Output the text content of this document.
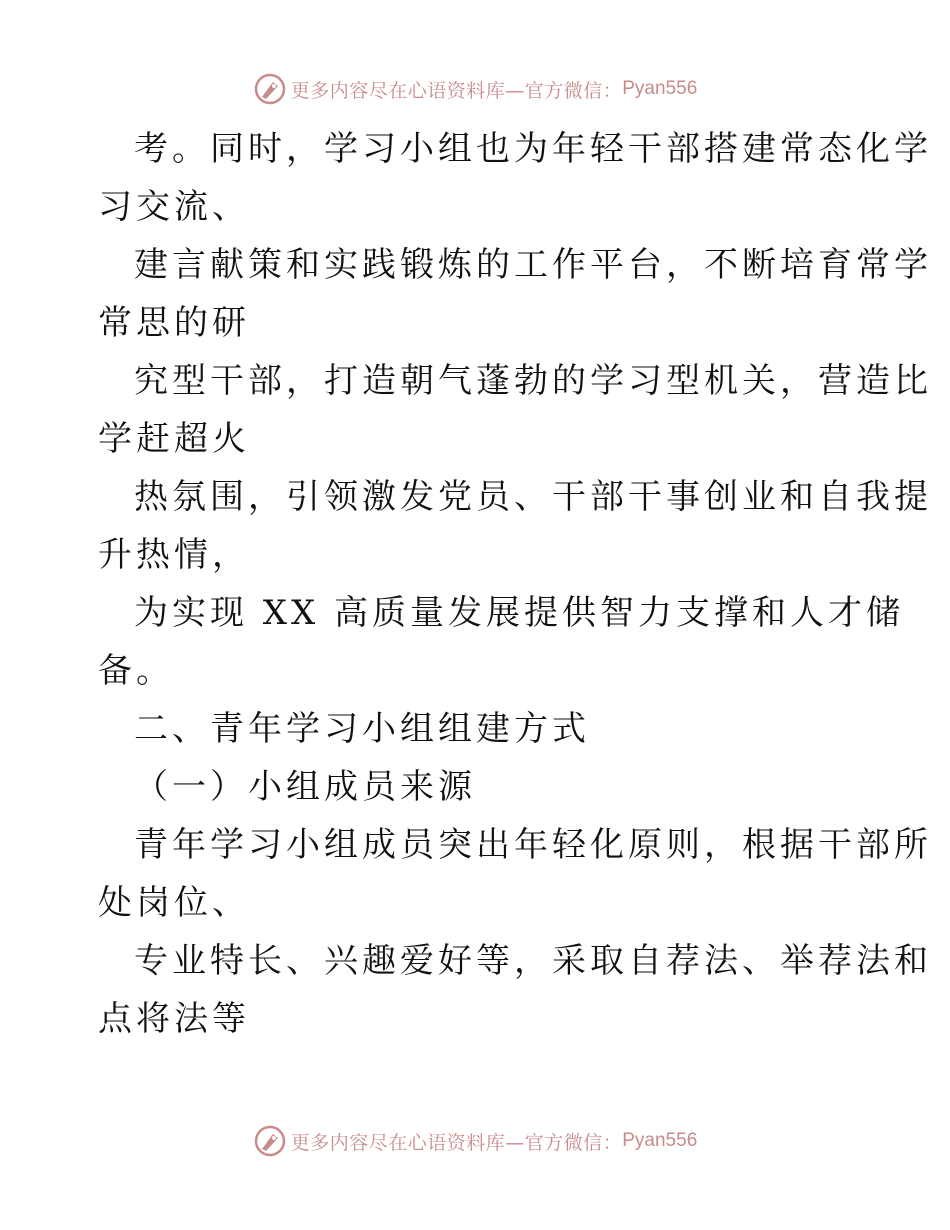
更多内容尽在心语资料库—官方微信： Pyan556

考。同时，学习小组也为年轻干部搭建常态化学
习交流、

建言献策和实践锻炼的工作平台，不断培育常学
常思的研

究型干部，打造朝气蓬勃的学习型机关，营造比
学赶超火

热氛围，引领激发党员、干部干事创业和自我提
升热情，

为实现 XX 高质量发展提供智力支撑和人才储
备。

二、青年学习小组组建方式

（一）小组成员来源

青年学习小组成员突出年轻化原则，根据干部所
处岗位、

专业特长、兴趣爱好等，采取自荐法、举荐法和
点将法等

更多内容尽在心语资料库—官方微信： Pyan556
